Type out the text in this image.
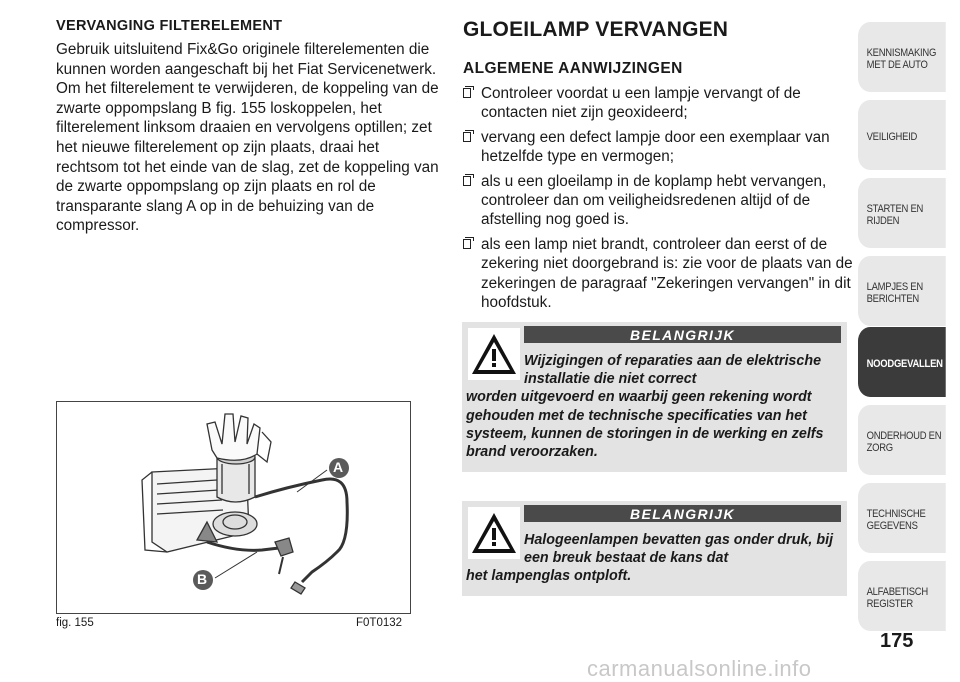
VERVANGING FILTERELEMENT

Gebruik uitsluitend Fix&Go originele filterelementen die kunnen worden aangeschaft bij het Fiat Servicenetwerk. Om het filterelement te verwijderen, de koppeling van de zwarte oppompslang B fig. 155 loskoppelen, het filterelement linksom draaien en vervolgens optillen; zet het nieuwe filterelement op zijn plaats, draai het rechtsom tot het einde van de slag, zet de koppeling van de zwarte oppompslang op zijn plaats en rol de transparante slang A op in de behuizing van de compressor.

A
B
fig. 155	F0T0132
GLOEILAMP VERVANGEN
ALGEMENE AANWIJZINGEN
Controleer voordat u een lampje vervangt of de contacten niet zijn geoxideerd;
vervang een defect lampje door een exemplaar van hetzelfde type en vermogen;
als u een gloeilamp in de koplamp hebt vervangen, controleer dan om veiligheidsredenen altijd of de afstelling nog goed is.
als een lamp niet brandt, controleer dan eerst of de zekering niet doorgebrand is: zie voor de plaats van de zekeringen de paragraaf "Zekeringen vervangen" in dit hoofdstuk.
BELANGRIJK
Wijzigingen of reparaties aan de elektrische installatie die niet correct
worden uitgevoerd en waarbij geen rekening wordt gehouden met de technische specificaties van het systeem, kunnen de storingen in de werking en zelfs brand veroorzaken.
BELANGRIJK
Halogeenlampen bevatten gas onder druk, bij een breuk bestaat de kans dat
het lampenglas ontploft.
KENNISMAKING
MET DE AUTO
VEILIGHEID
STARTEN EN RIJDEN
LAMPJES EN
BERICHTEN
NOODGEVALLEN
ONDERHOUD EN
ZORG
TECHNISCHE
GEGEVENS
ALFABETISCH
REGISTER
175
carmanualsonline.info
